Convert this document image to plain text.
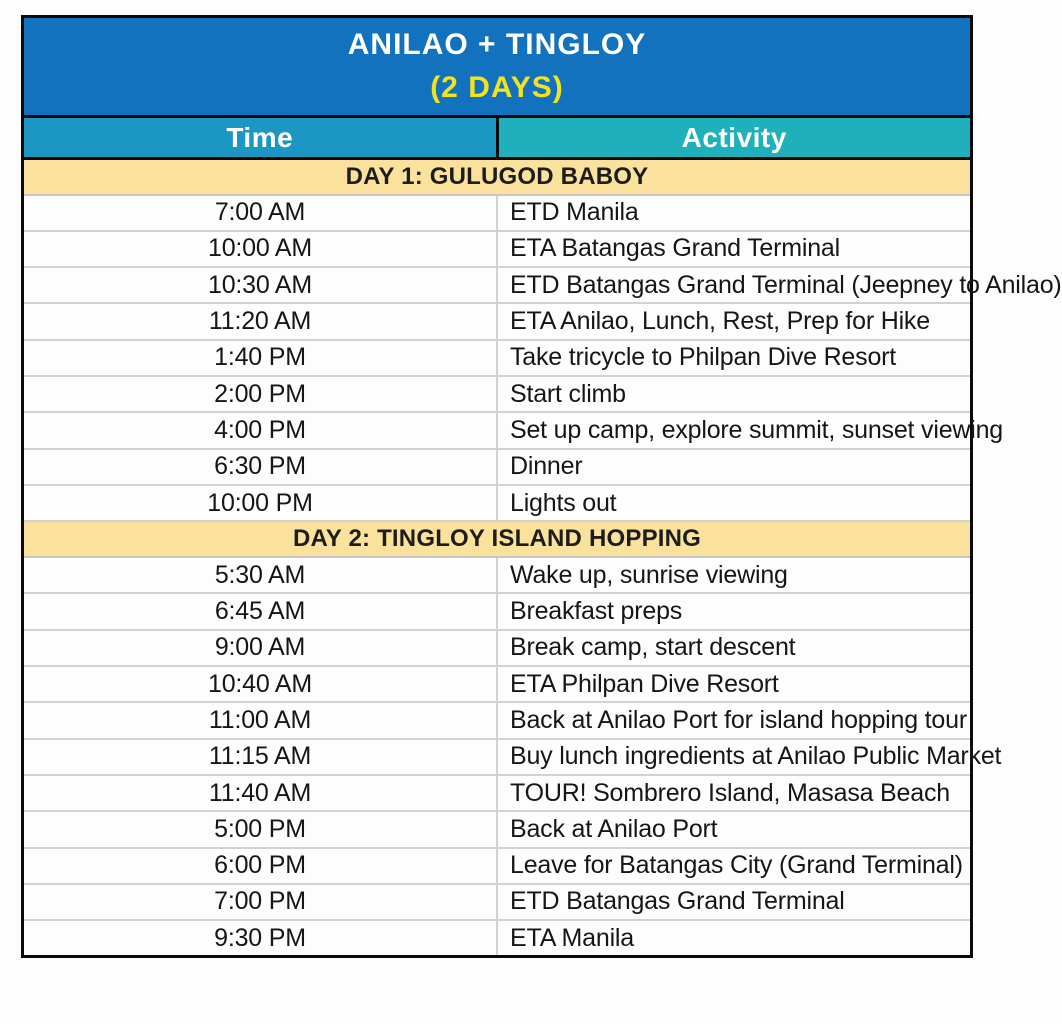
ANILAO + TINGLOY
(2 DAYS)	

Time	Activity
DAY 1: GULUGOD BABOY	
7:00 AM	ETD Manila
10:00 AM	ETA Batangas Grand Terminal
10:30 AM	ETD Batangas Grand Terminal (Jeepney to Anilao)
11:20 AM	ETA Anilao, Lunch, Rest, Prep for Hike
1:40 PM	Take tricycle to Philpan Dive Resort
2:00 PM	Start climb
4:00 PM	Set up camp, explore summit, sunset viewing
6:30 PM	Dinner
10:00 PM	Lights out
DAY 2: TINGLOY ISLAND HOPPING	
5:30 AM	Wake up, sunrise viewing
6:45 AM	Breakfast preps
9:00 AM	Break camp, start descent
10:40 AM	ETA Philpan Dive Resort
11:00 AM	Back at Anilao Port for island hopping tour
11:15 AM	Buy lunch ingredients at Anilao Public Market
11:40 AM	TOUR! Sombrero Island, Masasa Beach
5:00 PM	Back at Anilao Port
6:00 PM	Leave for Batangas City (Grand Terminal)
7:00 PM	ETD Batangas Grand Terminal
9:30 PM	ETA Manila
